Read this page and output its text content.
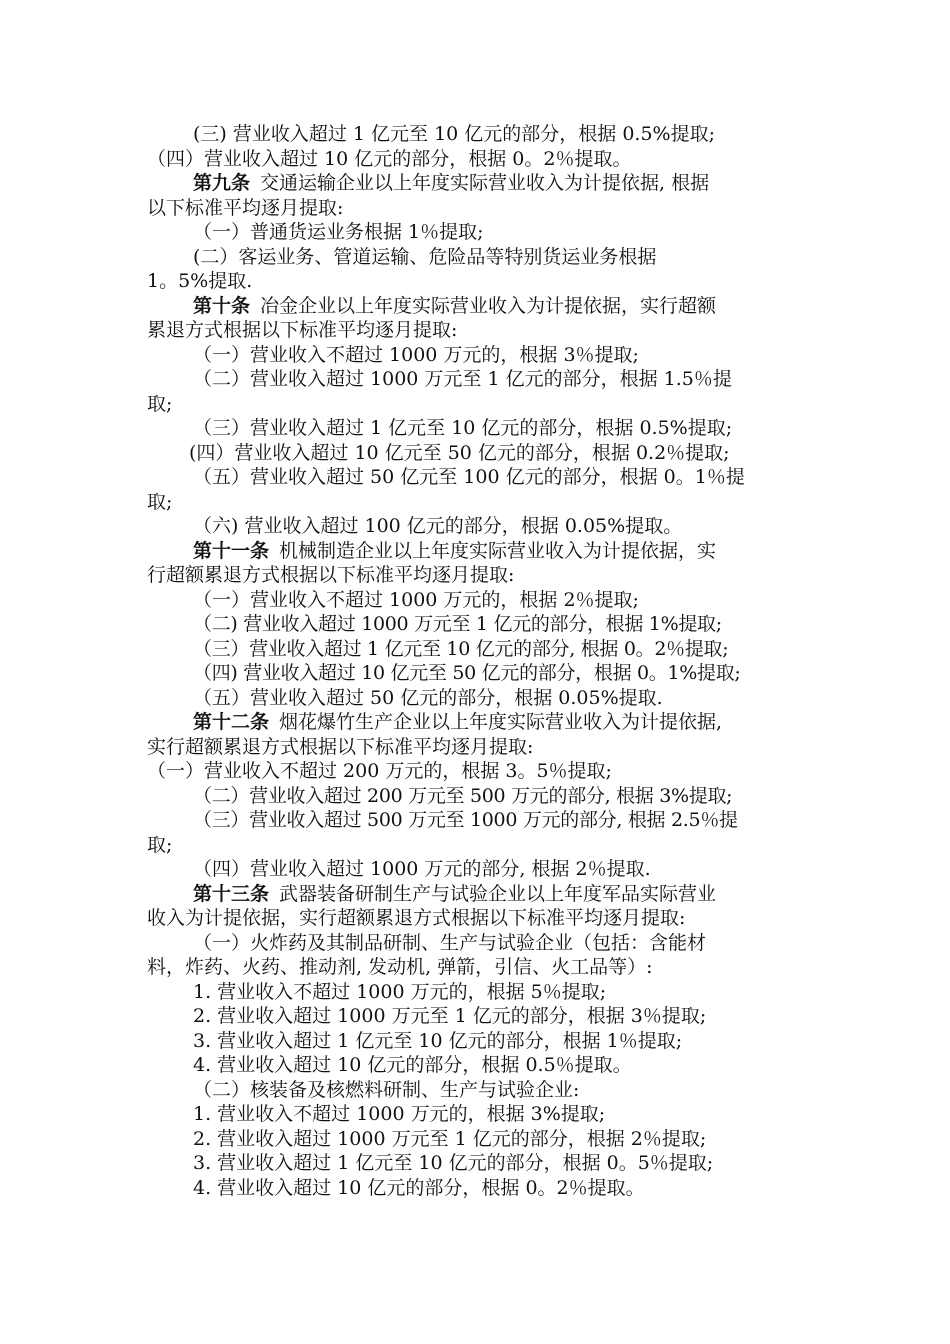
(三) 营业收入超过 1 亿元至 10 亿元的部分，根据 0.5%提取;
（四）营业收入超过 10 亿元的部分，根据 0。2％提取。
第九条 交通运输企业以上年度实际营业收入为计提依据, 根据
以下标准平均逐月提取:
（一）普通货运业务根据 1％提取;
(二）客运业务、管道运输、危险品等特别货运业务根据
1。5%提取.
第十条 冶金企业以上年度实际营业收入为计提依据，实行超额
累退方式根据以下标准平均逐月提取:
（一）营业收入不超过 1000 万元的，根据 3％提取;
（二）营业收入超过 1000 万元至 1 亿元的部分，根据 1.5％提
取;
（三）营业收入超过 1 亿元至 10 亿元的部分，根据 0.5%提取;
(四）营业收入超过 10 亿元至 50 亿元的部分，根据 0.2％提取;
（五）营业收入超过 50 亿元至 100 亿元的部分，根据 0。1％提
取;
（六) 营业收入超过 100 亿元的部分，根据 0.05%提取。
第十一条 机械制造企业以上年度实际营业收入为计提依据，实
行超额累退方式根据以下标准平均逐月提取:
（一）营业收入不超过 1000 万元的，根据 2％提取;
（二) 营业收入超过 1000 万元至 1 亿元的部分，根据 1%提取;
（三）营业收入超过 1 亿元至 10 亿元的部分, 根据 0。2％提取;
（四) 营业收入超过 10 亿元至 50 亿元的部分，根据 0。1%提取;
（五）营业收入超过 50 亿元的部分，根据 0.05%提取.
第十二条 烟花爆竹生产企业以上年度实际营业收入为计提依据,
实行超额累退方式根据以下标准平均逐月提取:
（一）营业收入不超过 200 万元的，根据 3。5％提取;
（二）营业收入超过 200 万元至 500 万元的部分, 根据 3%提取;
（三）营业收入超过 500 万元至 1000 万元的部分, 根据 2.5％提
取;
（四）营业收入超过 1000 万元的部分, 根据 2％提取.
第十三条 武器装备研制生产与试验企业以上年度军品实际营业
收入为计提依据，实行超额累退方式根据以下标准平均逐月提取:
（一）火炸药及其制品研制、生产与试验企业（包括：含能材
料，炸药、火药、推动剂, 发动机, 弹箭，引信、火工品等）:
1. 营业收入不超过 1000 万元的，根据 5％提取;
2. 营业收入超过 1000 万元至 1 亿元的部分，根据 3％提取;
3. 营业收入超过 1 亿元至 10 亿元的部分，根据 1％提取;
4. 营业收入超过 10 亿元的部分，根据 0.5％提取。
（二）核装备及核燃料研制、生产与试验企业:
1. 营业收入不超过 1000 万元的，根据 3%提取;
2. 营业收入超过 1000 万元至 1 亿元的部分，根据 2％提取;
3. 营业收入超过 1 亿元至 10 亿元的部分，根据 0。5％提取;
4. 营业收入超过 10 亿元的部分，根据 0。2％提取。
